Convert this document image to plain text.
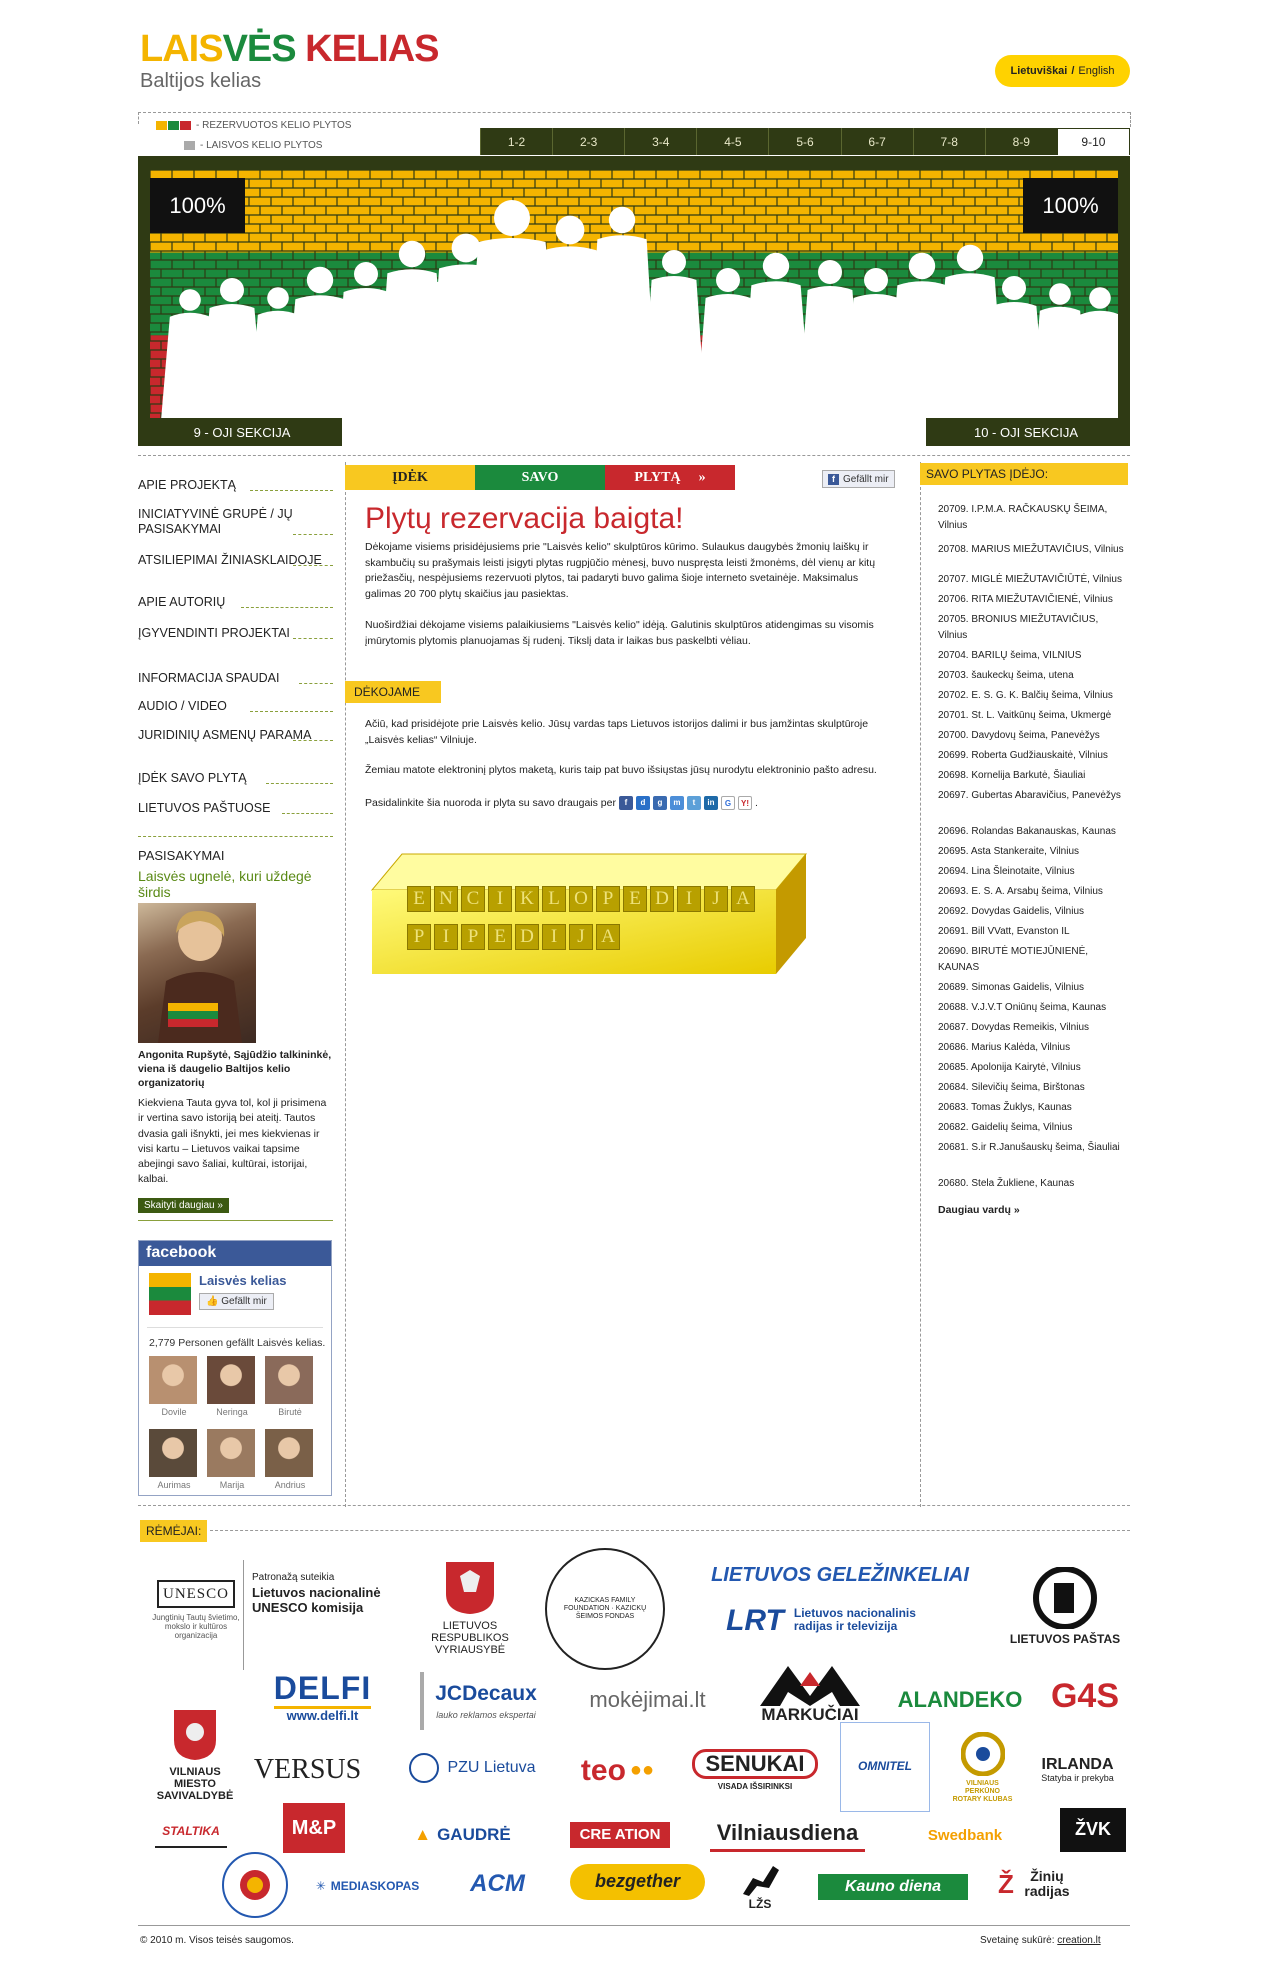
LAISVĖS KELIAS
Baltijos kelias	Lietuviškai / English
- REZERVUOTOS KELIO PLYTOS
- LAISVOS KELIO PLYTOS	1-2	2-3	3-4	4-5	5-6	6-7	7-8	8-9	9-10
100%	100%
9 - OJI SEKCIJA	10 - OJI SEKCIJA
APIE PROJEKTĄ
INICIATYVINĖ GRUPĖ / JŲ PASISAKYMAI
ATSILIEPIMAI ŽINIASKLAIDOJE
APIE AUTORIŲ
ĮGYVENDINTI PROJEKTAI
INFORMACIJA SPAUDAI
AUDIO / VIDEO
JURIDINIŲ ASMENŲ PARAMA
ĮDĖK SAVO PLYTĄ
LIETUVOS PAŠTUOSE
PASISAKYMAI
Laisvės ugnelė, kuri uždegė širdis
Angonita Rupšytė, Sąjūdžio talkininkė, viena iš daugelio Baltijos kelio organizatorių
Kiekviena Tauta gyva tol, kol ji prisimena ir vertina savo istoriją bei ateitį. Tautos dvasia gali išnykti, jei mes kiekvienas ir visi kartu – Lietuvos vaikai tapsime abejingi savo šaliai, kultūrai, istorijai, kalbai.
Skaityti daugiau »
facebook
Laisvės kelias
👍 Gefällt mir
2,779 Personen gefällt Laisvės kelias.
Dovile	Neringa	Birutė
Aurimas	Marija	Andrius
ĮDĖK	SAVO	PLYTĄ »	f Gefällt mir
Plytų rezervacija baigta!
Dėkojame visiems prisidėjusiems prie "Laisvės kelio" skulptūros kūrimo. Sulaukus daugybės žmonių laiškų ir skambučių su prašymais leisti įsigyti plytas rugpjūčio mėnesį, buvo nuspręsta leisti žmonėms, dėl vienų ar kitų priežasčių, nespėjusiems rezervuoti plytos, tai padaryti buvo galima šioje interneto svetainėje. Maksimalus galimas 20 700 plytų skaičius jau pasiektas.
Nuoširdžiai dėkojame visiems palaikiusiems "Laisvės kelio" idėją. Galutinis skulptūros atidengimas su visomis įmūrytomis plytomis planuojamas šį rudenį. Tikslį data ir laikas bus paskelbti vėliau.
DĖKOJAME
Ačiū, kad prisidėjote prie Laisvės kelio. Jūsų vardas taps Lietuvos istorijos dalimi ir bus įamžintas skulptūroje „Laisvės kelias“ Vilniuje.
Žemiau matote elektroninį plytos maketą, kuris taip pat buvo išsiųstas jūsų nurodytu elektroninio pašto adresu.
Pasidalinkite šia nuoroda ir plyta su savo draugais per	f	d	g	m	t	in	G	Y! .
E N C I K L O P E D I	J A
P I P E D I	J A
SAVO PLYTAS ĮDĖJO:
20709. I.P.M.A. RAČKAUSKŲ ŠEIMA, Vilnius
20708. MARIUS MIEŽUTAVIČIUS, Vilnius
20707. MIGLĖ MIEŽUTAVIČIŪTĖ, Vilnius
20706. RITA MIEŽUTAVIČIENĖ, Vilnius
20705. BRONIUS MIEŽUTAVIČIUS, Vilnius
20704. BARILŲ šeima, VILNIUS
20703. šaukeckų šeima, utena
20702. E. S. G. K. Balčių šeima, Vilnius
20701. St. L. Vaitkūnų šeima, Ukmergė
20700. Davydovų šeima, Panevėžys
20699. Roberta Gudžiauskaitė, Vilnius
20698. Kornelija Barkutė, Šiauliai
20697. Gubertas Abaravičius, Panevėžys
20696. Rolandas Bakanauskas, Kaunas
20695. Asta Stankeraite, Vilnius
20694. Lina Šleinotaite, Vilnius
20693. E. S. A. Arsabų šeima, Vilnius
20692. Dovydas Gaidelis, Vilnius
20691. Bill VVatt, Evanston IL
20690. BIRUTĖ MOTIEJŪNIENĖ, KAUNAS
20689. Simonas Gaidelis, Vilnius
20688. V.J.V.T Oniūnų šeima, Kaunas
20687. Dovydas Remeikis, Vilnius
20686. Marius Kalėda, Vilnius
20685. Apolonija Kairytė, Vilnius
20684. Silevičių šeima, Birštonas
20683. Tomas Žuklys, Kaunas
20682. Gaidelių šeima, Vilnius
20681. S.ir R.Janušauskų šeima, Šiauliai
20680. Stela Žukliene, Kaunas
Daugiau vardų »
RĖMĖJAI:
UNESCO
Jungtinių Tautų švietimo, mokslo ir kultūros organizacija
Patronažą suteikia
Lietuvos nacionalinė UNESCO komisija
LIETUVOS RESPUBLIKOS VYRIAUSYBĖ
KAZICKAS FAMILY FOUNDATION · KAZICKŲ ŠEIMOS FONDAS
LIETUVOS GELEŽINKELIAI
LRT Lietuvos nacionalinis radijas ir televizija
LIETUVOS PAŠTAS
VILNIAUS MIESTO SAVIVALDYBĖ
DELFI
www.delfi.lt
JCDecaux
lauko reklamos ekspertai
mokėjimai.lt
MARKUČIAI
ALANDEKO G4S
VERSUS	PZU Lietuva teo ●●	SENUKAI
VISADA IŠSIRINKSI
OMNITEL
VILNIAUS PERKŪNO ROTARY KLUBAS
IRLANDA
Statyba ir prekyba
STALTIKA	M&P	▲ GAUDRĖ	CRE ATION	Vilniausdiena	Swedbank	ŽVK
✳ MEDIASKOPAS ACM	bezgether
LŽS
Kauno diena Ž	Žinių radijas
© 2010 m. Visos teisės saugomos.	Svetainę sukūrė: creation.lt
